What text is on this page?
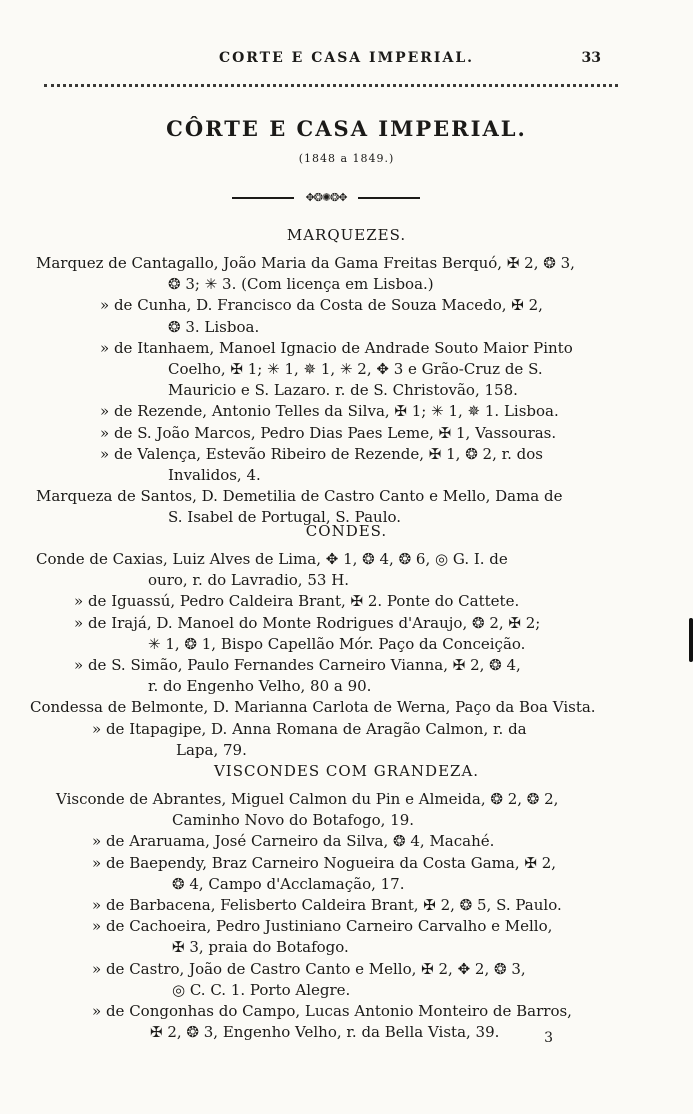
CORTE E CASA IMPERIAL.	33
CÔRTE E CASA IMPERIAL.
(1848 a 1849.)
✥❂✺❂✥
MARQUEZES.
Marquez de Cantagallo, João Maria da Gama Freitas Berquó, ✠ 2, ❂ 3,
❂ 3; ✳ 3. (Com licença em Lisboa.)
» de Cunha, D. Francisco da Costa de Souza Macedo, ✠ 2,
❂ 3. Lisboa.
» de Itanhaem, Manoel Ignacio de Andrade Souto Maior Pinto
Coelho, ✠ 1; ✳ 1, ✵ 1, ✳ 2, ✥ 3 e Grão-Cruz de S.
Mauricio e S. Lazaro. r. de S. Christovão, 158.
» de Rezende, Antonio Telles da Silva, ✠ 1; ✳ 1, ✵ 1. Lisboa.
» de S. João Marcos, Pedro Dias Paes Leme, ✠ 1, Vassouras.
» de Valença, Estevão Ribeiro de Rezende, ✠ 1, ❂ 2, r. dos
Invalidos, 4.
Marqueza de Santos, D. Demetilia de Castro Canto e Mello, Dama de
S. Isabel de Portugal, S. Paulo.
CONDES.
Conde de Caxias, Luiz Alves de Lima, ✥ 1, ❂ 4, ❂ 6, ◎ G. I. de
ouro, r. do Lavradio, 53 H.
» de Iguassú, Pedro Caldeira Brant, ✠ 2. Ponte do Cattete.
» de Irajá, D. Manoel do Monte Rodrigues d'Araujo, ❂ 2, ✠ 2;
✳ 1, ❂ 1, Bispo Capellão Mór. Paço da Conceição.
» de S. Simão, Paulo Fernandes Carneiro Vianna, ✠ 2, ❂ 4,
r. do Engenho Velho, 80 a 90.
Condessa de Belmonte, D. Marianna Carlota de Werna, Paço da Boa Vista.
» de Itapagipe, D. Anna Romana de Aragão Calmon, r. da
Lapa, 79.
VISCONDES COM GRANDEZA.
Visconde de Abrantes, Miguel Calmon du Pin e Almeida, ❂ 2, ❂ 2,
Caminho Novo do Botafogo, 19.
» de Araruama, José Carneiro da Silva, ❂ 4, Macahé.
» de Baependy, Braz Carneiro Nogueira da Costa Gama, ✠ 2,
❂ 4, Campo d'Acclamação, 17.
» de Barbacena, Felisberto Caldeira Brant, ✠ 2, ❂ 5, S. Paulo.
» de Cachoeira, Pedro Justiniano Carneiro Carvalho e Mello,
✠ 3, praia do Botafogo.
» de Castro, João de Castro Canto e Mello, ✠ 2, ✥ 2, ❂ 3,
◎ C. C. 1. Porto Alegre.
» de Congonhas do Campo, Lucas Antonio Monteiro de Barros,
✠ 2, ❂ 3, Engenho Velho, r. da Bella Vista, 39.	3
